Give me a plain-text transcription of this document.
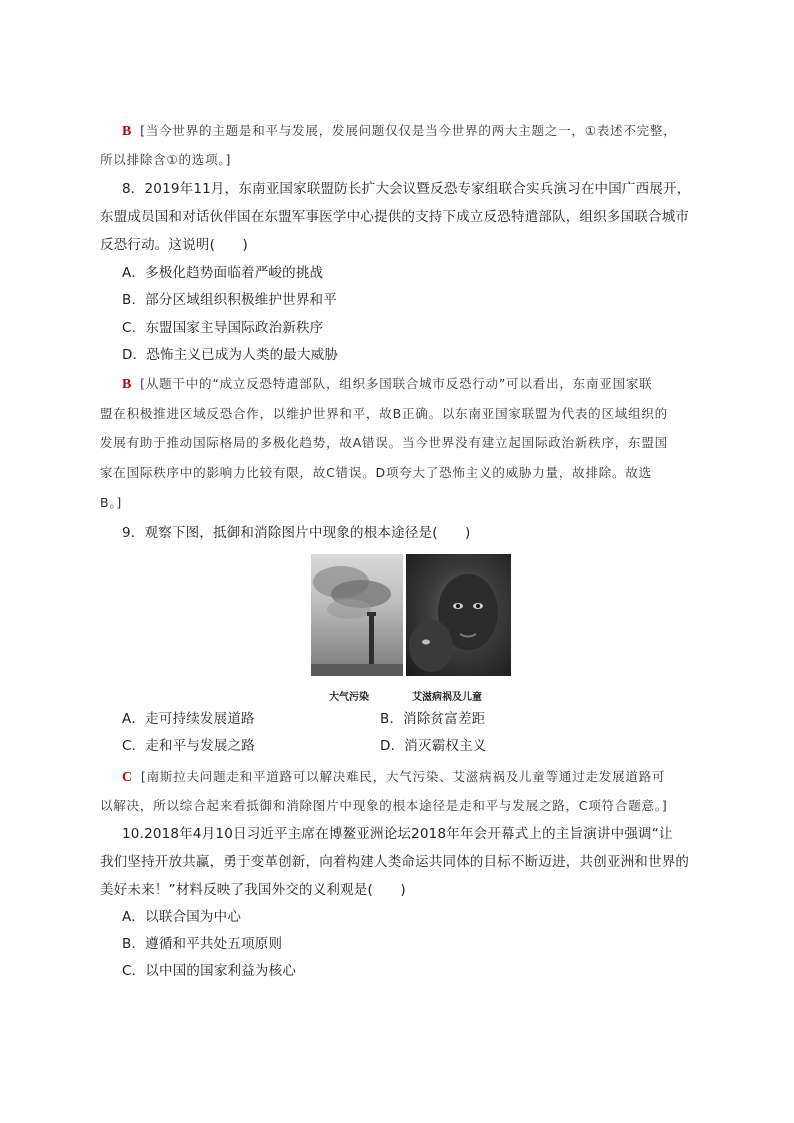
B [当今世界的主题是和平与发展，发展问题仅仅是当今世界的两大主题之一，①表述不完整，
所以排除含①的选项。]
8．2019年11月，东南亚国家联盟防长扩大会议暨反恐专家组联合实兵演习在中国广西展开，
东盟成员国和对话伙伴国在东盟军事医学中心提供的支持下成立反恐特遣部队，组织多国联合城市
反恐行动。这说明(　　)
A．多极化趋势面临着严峻的挑战
B．部分区域组织积极维护世界和平
C．东盟国家主导国际政治新秩序
D．恐怖主义已成为人类的最大威胁
B [从题干中的“成立反恐特遣部队，组织多国联合城市反恐行动”可以看出，东南亚国家联
盟在积极推进区域反恐合作，以维护世界和平，故B正确。以东南亚国家联盟为代表的区域组织的
发展有助于推动国际格局的多极化趋势，故A错误。当今世界没有建立起国际政治新秩序，东盟国
家在国际秩序中的影响力比较有限，故C错误。D项夸大了恐怖主义的威胁力量，故排除。故选
B。]
9．观察下图，抵御和消除图片中现象的根本途径是(　　)
大气污染	艾滋病祸及儿童
A．走可持续发展道路	B．消除贫富差距
C．走和平与发展之路	D．消灭霸权主义
C [南斯拉夫问题走和平道路可以解决难民，大气污染、艾滋病祸及儿童等通过走发展道路可
以解决，所以综合起来看抵御和消除图片中现象的根本途径是走和平与发展之路，C项符合题意。]
10.2018年4月10日习近平主席在博鳌亚洲论坛2018年年会开幕式上的主旨演讲中强调“让
我们坚持开放共赢，勇于变革创新，向着构建人类命运共同体的目标不断迈进，共创亚洲和世界的
美好未来！”材料反映了我国外交的义利观是(　　)
A．以联合国为中心
B．遵循和平共处五项原则
C．以中国的国家利益为核心
